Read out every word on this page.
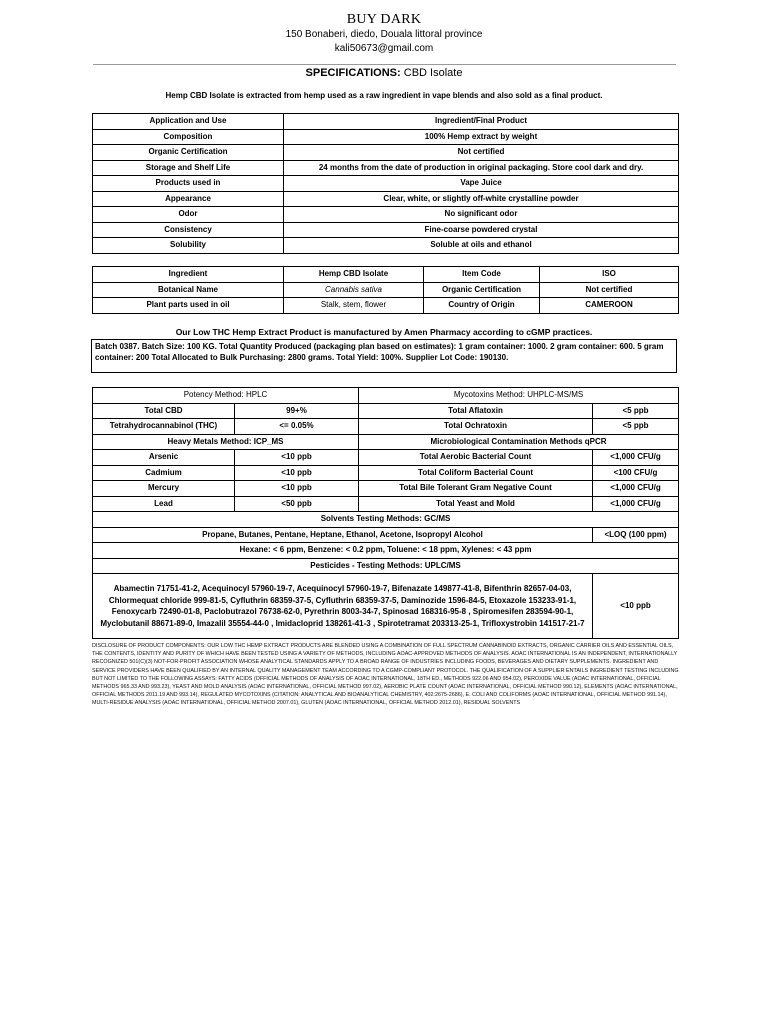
BUY DARK
150 Bonaberi, diedo, Douala littoral province
kali50673@gmail.com
SPECIFICATIONS: CBD Isolate
Hemp CBD Isolate is extracted from hemp used as a raw ingredient in vape blends and also sold as a final product.
Application and Use	Ingredient/Final Product
Composition	100% Hemp extract by weight
Organic Certification	Not certified
Storage and Shelf Life	24 months from the date of production in original packaging. Store cool dark and dry.
Products used in	Vape Juice
Appearance	Clear, white, or slightly off-white crystalline powder
Odor	No significant odor
Consistency	Fine-coarse powdered crystal
Solubility	Soluble at oils and ethanol
Ingredient	Hemp CBD Isolate	Item Code	ISO
Botanical Name	Cannabis sativa	Organic Certification	Not certified
Plant parts used in oil	Stalk, stem, flower	Country of Origin	CAMEROON
Our Low THC Hemp Extract Product is manufactured by Amen Pharmacy according to cGMP practices.
Batch 0387. Batch Size: 100 KG. Total Quantity Produced (packaging plan based on estimates): 1 gram container: 1000. 2 gram container: 600. 5 gram container: 200 Total Allocated to Bulk Purchasing: 2800 grams. Total Yield: 100%. Supplier Lot Code: 190130.
Potency Method: HPLC		Mycotoxins Method: UHPLC-MS/MS	
Total CBD	99+%	Total Aflatoxin	<5 ppb
Tetrahydrocannabinol (THC)	<= 0.05%	Total Ochratoxin	<5 ppb
Heavy Metals Method: ICP_MS		Microbiological Contamination Methods qPCR	
Arsenic	<10 ppb	Total Aerobic Bacterial Count	<1,000 CFU/g
Cadmium	<10 ppb	Total Coliform Bacterial Count	<100 CFU/g
Mercury	<10 ppb	Total Bile Tolerant Gram Negative Count	<1,000 CFU/g
Lead	<50 ppb	Total Yeast and Mold	<1,000 CFU/g
Solvents Testing Methods: GC/MS			
Propane, Butanes, Pentane, Heptane, Ethanol, Acetone, Isopropyl Alcohol			<LOQ (100 ppm)
Hexane: < 6 ppm, Benzene: < 0.2 ppm, Toluene: < 18 ppm, Xylenes: < 43 ppm			
Pesticides - Testing Methods: UPLC/MS			
Abamectin 71751-41-2, Acequinocyl 57960-19-7, Acequinocyl 57960-19-7, Bifenazate 149877-41-8, Bifenthrin 82657-04-03, Chlormequat chloride 999-81-5, Cyfluthrin 68359-37-5, Cyfluthrin 68359-37-5, Daminozide 1596-84-5, Etoxazole 153233-91-1, Fenoxycarb 72490-01-8, Paclobutrazol 76738-62-0, Pyrethrin 8003-34-7, Spinosad 168316-95-8 , Spiromesifen 283594-90-1, Myclobutanil 88671-89-0, Imazalil 35554-44-0 , Imidacloprid 138261-41-3 , Spirotetramat 203313-25-1, Trifloxystrobin 141517-21-7			<10 ppb
DISCLOSURE OF PRODUCT COMPONENTS: OUR LOW THC HEMP EXTRACT PRODUCTS ARE BLENDED USING A COMBINATION OF FULL SPECTRUM CANNABINOID EXTRACTS, ORGANIC CARRIER OILS AND ESSENTIAL OILS, THE CONTENTS, IDENTITY AND PURITY OF WHICH HAVE BEEN TESTED USING A VARIETY OF METHODS, INCLUDING AOAC-APPROVED METHODS OF ANALYSIS. AOAC INTERNATIONAL IS AN INDEPENDENT, INTERNATIONALLY RECOGNIZED 501(C)(3) NOT-FOR-PROFIT ASSOCIATION WHOSE ANALYTICAL STANDARDS APPLY TO A BROAD RANGE OF INDUSTRIES INCLUDING FOODS, BEVERAGES AND DIETARY SUPPLEMENTS. INGREDIENT AND SERVICE PROVIDERS HAVE BEEN QUALIFIED BY AN INTERNAL QUALITY MANAGEMENT TEAM ACCORDING TO A CGMP-COMPLIANT PROTOCOL. THE QUALIFICATION OF A SUPPLIER ENTAILS INGREDIENT TESTING INCLUDING BUT NOT LIMITED TO THE FOLLOWING ASSAYS: FATTY ACIDS (OFFICIAL METHODS OF ANALYSIS OF AOAC INTERNATIONAL, 18TH ED., METHODS 922.06 AND 954.02), PEROXIDE VALUE (AOAC INTERNATIONAL, OFFICIAL METHODS 965.33 AND 993.23), YEAST AND MOLD ANALYSIS (AOAC INTERNATIONAL, OFFICIAL METHOD 997.02), AEROBIC PLATE COUNT (AOAC INTERNATIONAL, OFFICIAL METHOD 990.12), ELEMENTS (AOAC INTERNATIONAL, OFFICIAL METHODS 2011.19 AND 993.14), REGULATED MYCOTOXINS (CITATION: ANALYTICAL AND BIOANALYTICAL CHEMISTRY, 402:2675-2686), E. COLI AND COLIFORMS (AOAC INTERNATIONAL, OFFICIAL METHOD 991.14), MULTI-RESIDUE ANALYSIS (AOAC INTERNATIONAL, OFFICIAL METHOD 2007.01), GLUTEN (AOAC INTERNATIONAL, OFFICIAL METHOD 2012.01), RESIDUAL SOLVENTS
